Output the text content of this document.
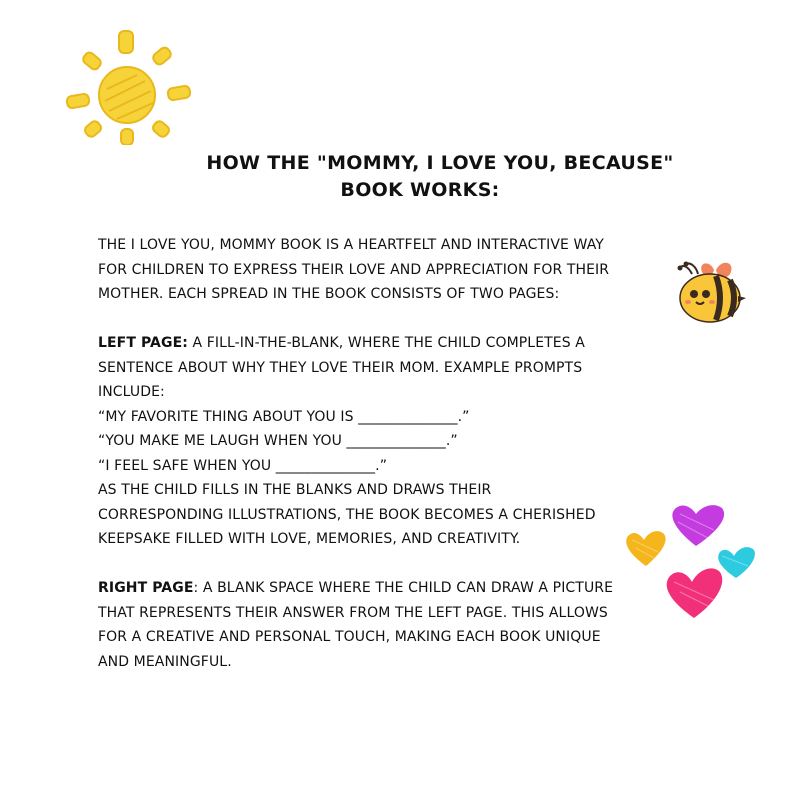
HOW THE "MOMMY, I LOVE YOU, BECAUSE"
BOOK WORKS:
THE I LOVE YOU, MOMMY BOOK IS A HEARTFELT AND INTERACTIVE WAY
FOR CHILDREN TO EXPRESS THEIR LOVE AND APPRECIATION FOR THEIR
MOTHER. EACH SPREAD IN THE BOOK CONSISTS OF TWO PAGES:
LEFT PAGE: A FILL-IN-THE-BLANK, WHERE THE CHILD COMPLETES A
SENTENCE ABOUT WHY THEY LOVE THEIR MOM. EXAMPLE PROMPTS
INCLUDE:
“MY FAVORITE THING ABOUT YOU IS ______________.”
“YOU MAKE ME LAUGH WHEN YOU ______________.”
“I FEEL SAFE WHEN YOU ______________.”
AS THE CHILD FILLS IN THE BLANKS AND DRAWS THEIR
CORRESPONDING ILLUSTRATIONS, THE BOOK BECOMES A CHERISHED
KEEPSAKE FILLED WITH LOVE, MEMORIES, AND CREATIVITY.
RIGHT PAGE: A BLANK SPACE WHERE THE CHILD CAN DRAW A PICTURE
THAT REPRESENTS THEIR ANSWER FROM THE LEFT PAGE. THIS ALLOWS
FOR A CREATIVE AND PERSONAL TOUCH, MAKING EACH BOOK UNIQUE
AND MEANINGFUL.
